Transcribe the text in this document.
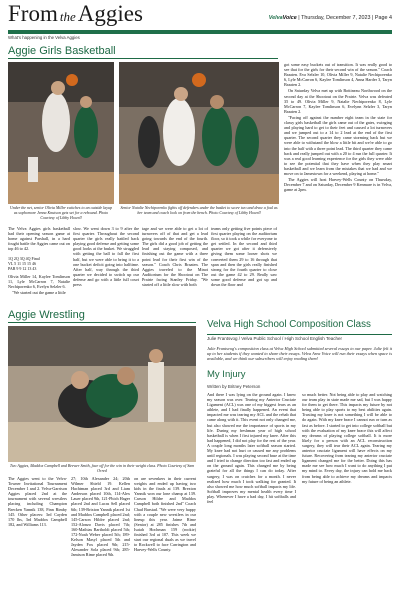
From theAggies	VelvaVoice | Thursday, December 7, 2023 | Page 4
What's happening in the Velva Aggies
Aggie Girls Basketball
Under the net, senior Olivia Miller switches to an outside layup as sophomore Jenna Knutson gets set for a rebound. Photo Courtesy of Libby Howell
Senior Natalie Nechiporenko fights off defenders under the basket to score two and draw a foul as her team and coach look on from the bench. Photo Courtesy of Libby Howell

The Velva Aggies girls basketball had their opening season game at home against Parshall, in a hard fought battle the Aggies came out on top 46 to 42.

1Q 2Q 3Q 4Q Final
VL 5 11 15 15 46
PAR 9 9 12 13 43

Olivia Miller 14, Kaylee Tomlinson 11, Lyle McCarron 7, Natalie Nechiporenko 6, Evelyn Selzler 6.

"We started out the game a little

slow. We went down 3 to 9 after the first quarter. Throughout the second quarter the girls really battled back playing good defense and getting some good looks at the basket. We struggled with getting the ball to fall the first half, but we were able to bring it to a one bucket deficit going into halftime. After half, way through the third quarter we decided to switch up our defense and go with a little full court press

tage and we were able to get a lot of turnovers off of that and get a lead going towards the end of the fourth. The girls did a good job of getting the lead and staying composed, and finishing out the game with a three point lead for their first win of the season." Coach Chris Braaten. The Aggies traveled to the Minot Auditorium for the Shootout on The Prairie facing Stanley Friday. "We started off a little slow with both

teams only getting five points piece of first quarter playing on the auditorium floor, so it took a while for everyone to get settled. In the second and third quarter we got after it defensively giving them some looser shots we converted them 29 to 16 through that span and then the girls really finished strong for the fourth quarter to close out the game 42 to 29. Really saw some good defense and got up and down the floor and

got some easy buckets out of transition. It was really good to see that for the girls for their second win of the season." Coach Braaten. Eva Selzler 10, Olivia Miller 9, Natalie Nechiporenko 6, Lyle McCarron 6, Kaylee Tomlinson 4, Anna Harder 3, Taryn Braaten 2.

On Saturday Velva met up with Bottineau Northwood on the second day at the Shootout on the Prairie. Velva was defeated 35 to 49. Olivia Miller 9, Natalie Nechiporenko 8, Lyle McCarron 7, Kaylee Tomlinson 6, Evelynn Selzler 3, Taryn Braaten 2.

"Facing off against the number eight team in the state for classy girls basketball the girls came out of the gates, swinging and playing hard to get to their feet and caused a lot turnovers and we jumped out to a 14 to 2 lead at the end of the first quarter. The second quarter they came storming back but we were able to withstand the blow a little bit and we're able to go into the half with a three point lead. The third quarter they came back and really jumped out with a 20 to 4 run the full quarter. It was a real good learning experience for the girls they were able to see the potential that they have when they play smart basketball and we learn from the mistakes that we had and we move on to Jamestown for a weekend, playing at home."

The Aggies will host Harvey-Wells County on Thursday, December 7 and on Saturday, December 9 Kenmare is in Velva, game at 2pm.

Aggie Wrestling
Two Aggies, Maddox Campbell and Brewer Smith, face off for the win in their weight class. Photo Courtesy of Sam Orred

The Aggies went to the Velva-Towner Invitational Tournament December 1 and 2. Velva-Garrison Aggies placed 2nd at the tournament with several wrestlers placing including Champion Brecken Yannik 138, Finn Rimby 145. Other placers: 3rd Cayden 170 lbs, 3rd Maddox Campbell 182, and Williams 113.

27; 10th Alexander 24; 20th Wilmer Shield 19. Kellen Hachtman placed 3rd and Liam Anderson placed 10th, 114-Alex Lauer placed 9th, 121-Phich Hager placed 2nd and Lucas Sell placed 6th; 139-Brixton Yannik placed 1st and Maddox Campbell placed 2nd; 145-Carson Hildre placed 2nd; 152-Alonzo Davis placed 7th; 160-Mathias Bartholdi placed 5th; 172-Noah Weber placed 5th; 189-Kelson Masyl placed 5th and Jayden Fox placed 9th; 215-Alexander Sola placed 9th; 285-Jamison Rime placed 9th.

on are sevenkers in their current weights and ended up having two kids in the finals at 139. Brexton Yannik won our lone champ at 139. Carson Hildre and Maddox Campbell both finished 2nd" Coach Chad Barstad. "We were very happy with a couple new wrestlers in our lineup this year. Jaime Rime (Senior) at 285 finishes 7th and Isaiah Hochman 159 (rookie) finished 3rd at 107. This week we start our regional duals as we travel to Rockwell to face Carrington and Harvey-Wells County.

Velva High School Composition Class
Julie Frantsvog / Velva Public School / High School English Teacher
Julie Frantsvog's composition class at Velva High School submitted several essays to our paper. Julie felt it up to her students if they wanted to share their essays. Velva Area Voice will run their essays when space is available, and we think our subscribers will enjoy reading them!
My Injury
Written by Britney Peterson

And there I was lying on the ground again. I knew my season was over. Tearing my Anterior Cruciate Ligament (ACL) was one of my biggest fears as an athlete, and I had finally happened. An event that impacted me was tearing my ACL and the rehab that came along with it. This event not only changed me, but also showed me the importance of sports in my life. During my freshman year of high school basketball is when I first injured my knee. After this had happened, I did not play for the rest of the year. A couple long months later softball season started. My knee had not hurt or caused me any problems until regionals. I was playing second base at the time and I tried to change direction too fast and ended up on the ground again. This changed me by being grateful for all the things I can do today. After surgery, I was on crutches for a month. I never realized how much I took walking for granted. It also showed me how much softball impacts my life. Softball improves my mental health every time I play. Whenever I have a bad day, I hit softballs and feel

so much better. Not being able to play and watching our team play in state made me sad, but I was happy for them to get there. This impacts my future by not being able to play sports to my best abilities again. Trusting my knee is not something I will be able to do again. With my knee brace I cannot run or turn as fast as before. I started to get into college softball but with the evaluation of my knee brace this will affect my dreams of playing college softball. It is more likely for a person with an ACL reconstruction surgery, they will tear their ACL again. Tearing my anterior cruciate ligament will have effects on my future. Recovering from tearing my anterior cruciate ligament changed me for the better. Doing this has made me see how much I want to do anything I put my mind to. Every day, the injury can hold me back from being able to achieve my dreams and impacts my future of being an athlete.
